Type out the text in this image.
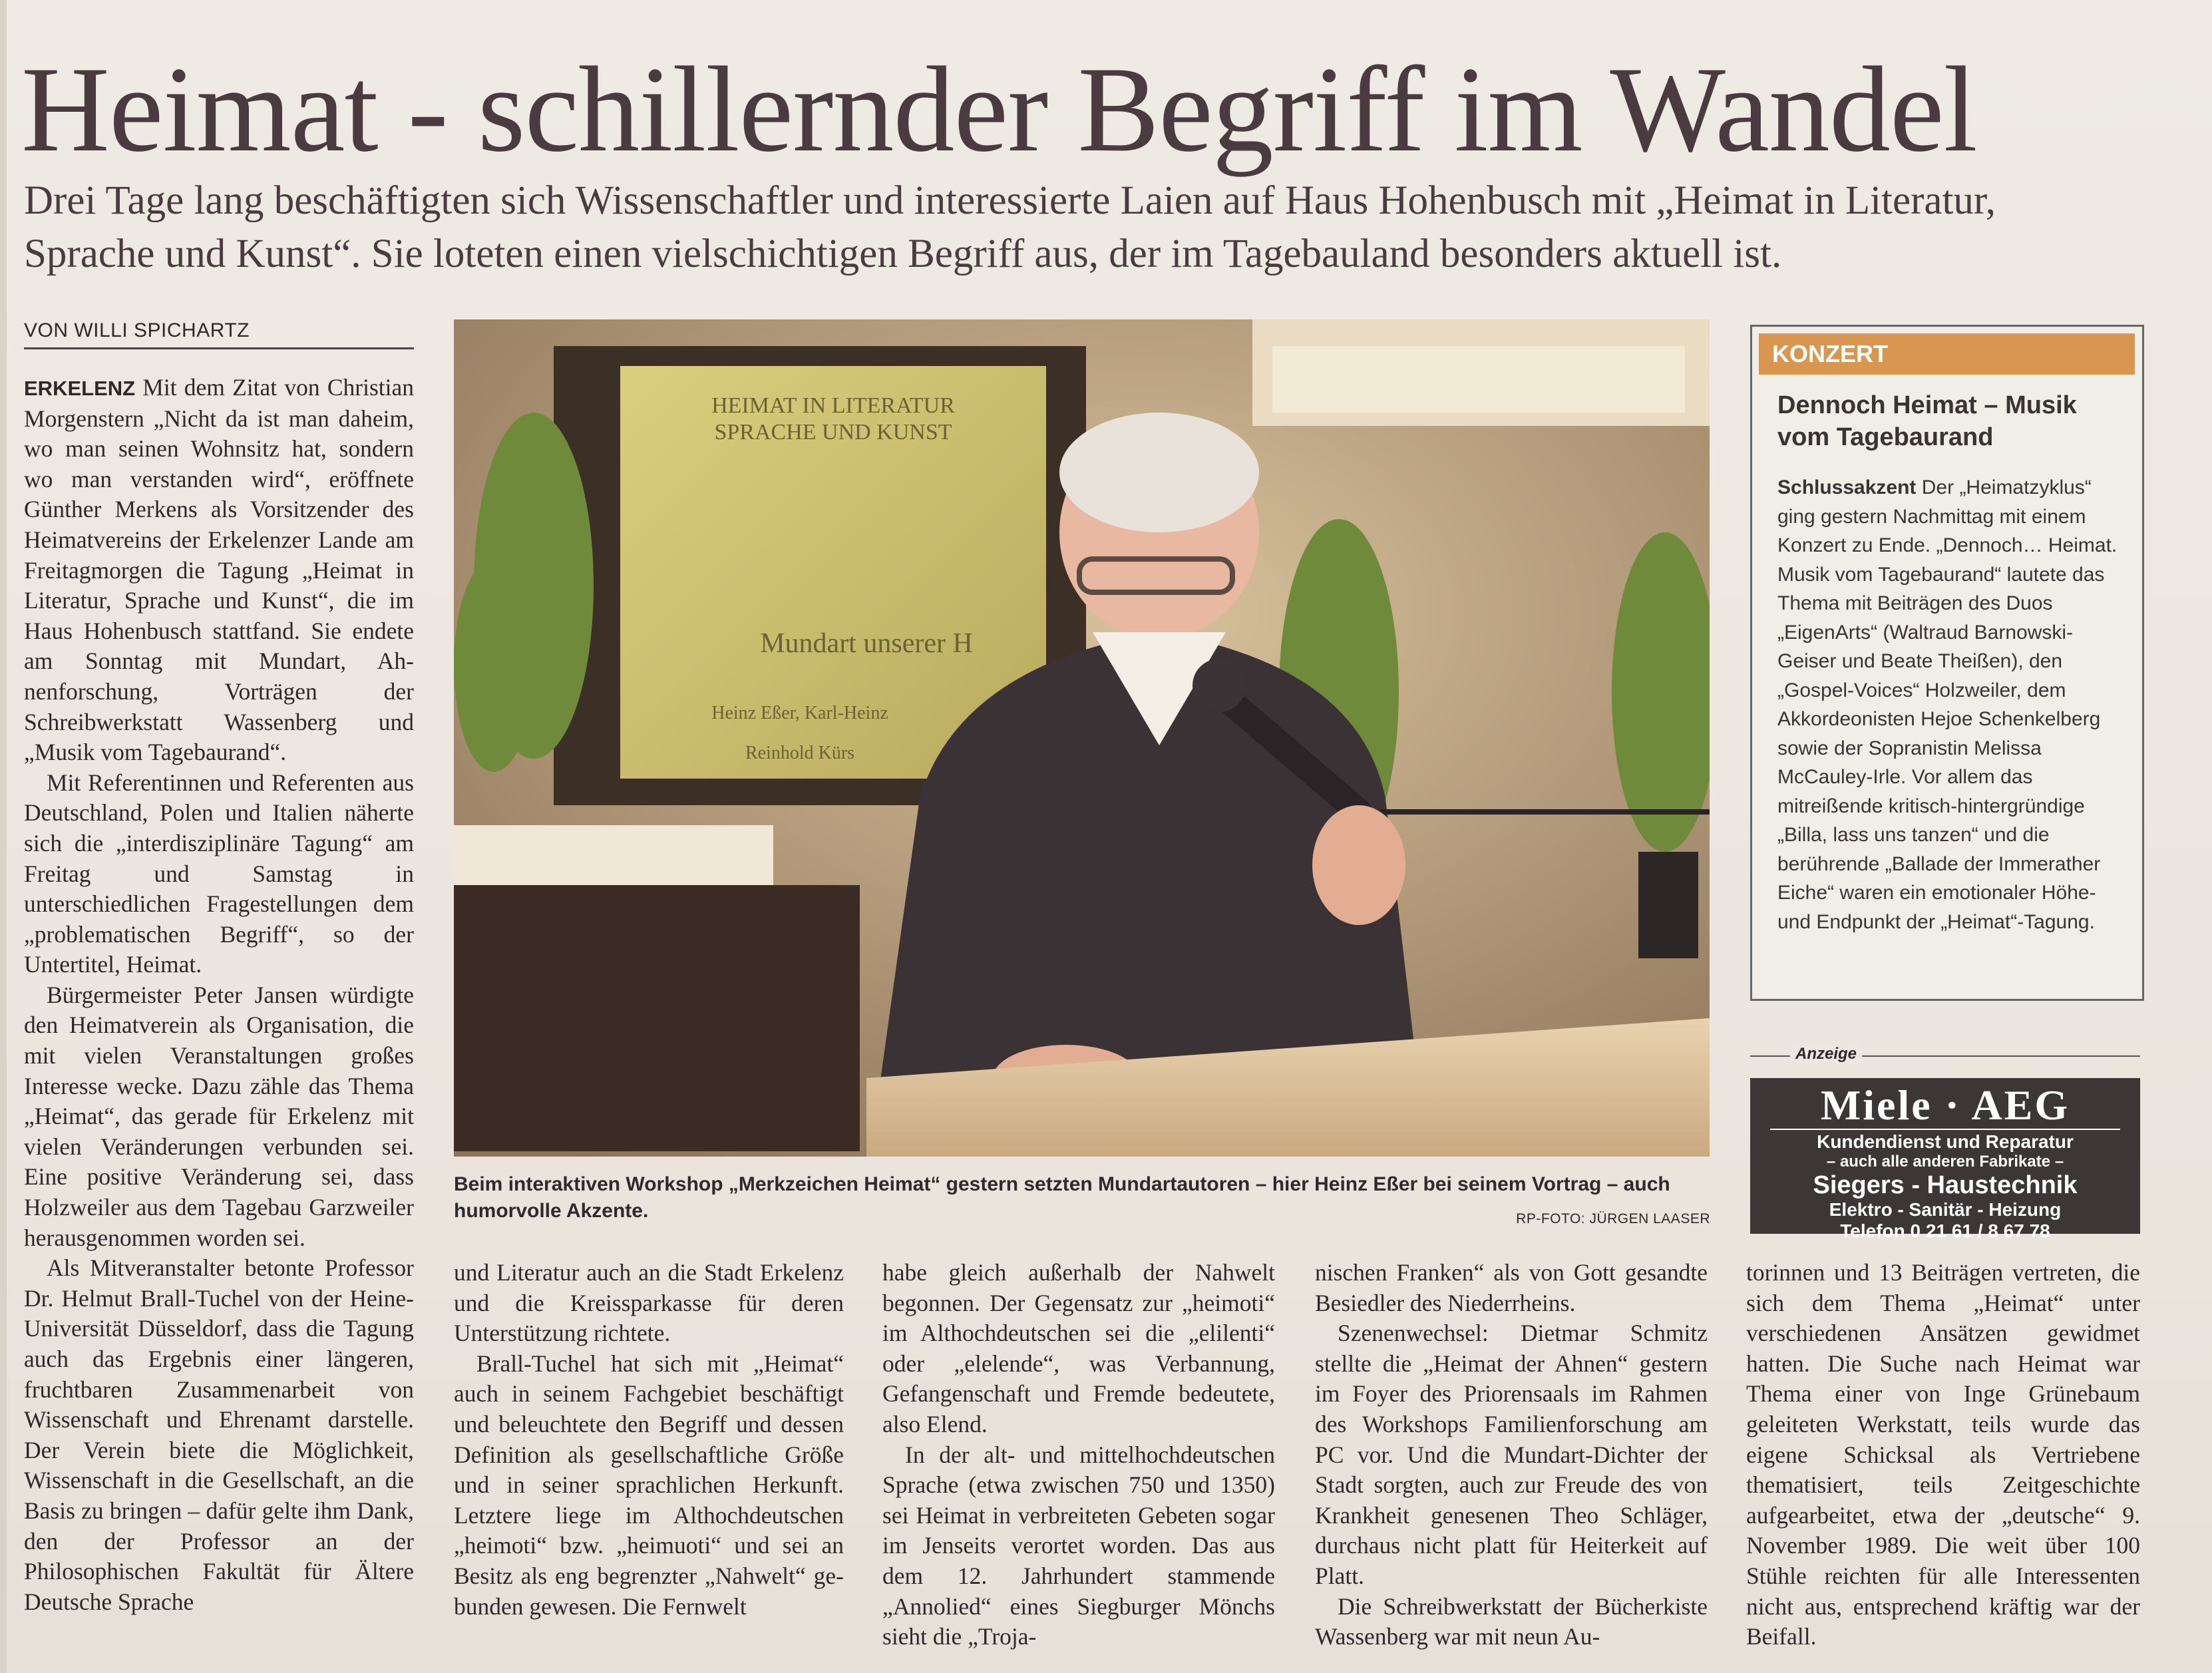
Heimat - schillernder Begriff im Wandel
Drei Tage lang beschäftigten sich Wissenschaftler und interessierte Laien auf Haus Hohenbusch mit „Heimat in Literatur,
Sprache und Kunst“. Sie loteten einen vielschichtigen Begriff aus, der im Tagebauland besonders aktuell ist.
VON WILLI SPICHARTZ

ERKELENZ Mit dem Zitat von Christian Morgenstern „Nicht da ist man daheim, wo man seinen Wohnsitz hat, sondern wo man verstanden wird“, eröffnete Günther Merkens als Vorsitzender des Heimatvereins der Erkelenzer Lande am Freitagmorgen die Tagung „Heimat in Literatur, Sprache und Kunst“, die im Haus Hohenbusch stattfand. Sie endete am Sonntag mit Mundart, Ahnenforschung, Vorträgen der Schreibwerkstatt Wassenberg und „Musik vom Tagebaurand“.

Mit Referentinnen und Referenten aus Deutschland, Polen und Italien näherte sich die „interdisziplinäre Tagung“ am Freitag und Samstag in unterschiedlichen Fragestellungen dem „problematischen Begriff“, so der Untertitel, Heimat.

Bürgermeister Peter Jansen würdigte den Heimatverein als Organisation, die mit vielen Veranstaltungen großes Interesse wecke. Dazu zähle das Thema „Heimat“, das gerade für Erkelenz mit vielen Veränderungen verbunden sei. Eine positive Veränderung sei, dass Holzweiler aus dem Tagebau Garzweiler herausgenommen worden sei.

Als Mitveranstalter betonte Professor Dr. Helmut Brall-Tuchel von der Heine-Universität Düsseldorf, dass die Tagung auch das Ergebnis einer längeren, fruchtbaren Zusammenarbeit von Wissenschaft und Ehrenamt darstelle. Der Verein biete die Möglichkeit, Wissenschaft in die Gesellschaft, an die Basis zu bringen – dafür gelte ihm Dank, den der Professor an der Philosophischen Fakultät für Ältere Deutsche Sprache

HEIMAT IN LITERATUR
SPRACHE UND KUNST
Mundart unserer H
Heinz Eßer, Karl-Heinz
Reinhold Kürs
Beim interaktiven Workshop „Merkzeichen Heimat“ gestern setzten Mundartautoren – hier Heinz Eßer bei seinem Vortrag – auch humorvolle Akzente.	RP-FOTO: JÜRGEN LAASER

und Literatur auch an die Stadt Erkelenz und die Kreissparkasse für deren Unterstützung richtete.

Brall-Tuchel hat sich mit „Heimat“ auch in seinem Fachgebiet beschäftigt und beleuchtete den Begriff und dessen Definition als gesellschaftliche Größe und in seiner sprachlichen Herkunft. Letztere liege im Althochdeutschen „heimoti“ bzw. „heimuoti“ und sei an Besitz als eng begrenzter „Nahwelt“ gebunden gewesen. Die Fernwelt

habe gleich außerhalb der Nahwelt begonnen. Der Gegensatz zur „heimoti“ im Althochdeutschen sei die „elilenti“ oder „elelende“, was Verbannung, Gefangenschaft und Fremde bedeutete, also Elend.

In der alt- und mittelhochdeutschen Sprache (etwa zwischen 750 und 1350) sei Heimat in verbreiteten Gebeten sogar im Jenseits verortet worden. Das aus dem 12. Jahrhundert stammende „Annolied“ eines Siegburger Mönchs sieht die „Troja-

nischen Franken“ als von Gott gesandte Besiedler des Niederrheins.

Szenenwechsel: Dietmar Schmitz stellte die „Heimat der Ahnen“ gestern im Foyer des Priorensaals im Rahmen des Workshops Familienforschung am PC vor. Und die Mundart-Dichter der Stadt sorgten, auch zur Freude des von Krankheit genesenen Theo Schläger, durchaus nicht platt für Heiterkeit auf Platt.

Die Schreibwerkstatt der Bücherkiste Wassenberg war mit neun Au-

torinnen und 13 Beiträgen vertreten, die sich dem Thema „Heimat“ unter verschiedenen Ansätzen gewidmet hatten. Die Suche nach Heimat war Thema einer von Inge Grünebaum geleiteten Werkstatt, teils wurde das eigene Schicksal als Vertriebene thematisiert, teils Zeitgeschichte aufgearbeitet, etwa der „deutsche“ 9. November 1989. Die weit über 100 Stühle reichten für alle Interessenten nicht aus, entsprechend kräftig war der Beifall.

KONZERT
Dennoch Heimat – Musik vom Tagebaurand
Schlussakzent Der „Heimatzyklus“ ging gestern Nachmittag mit einem Konzert zu Ende. „Dennoch… Heimat. Musik vom Tagebaurand“ lautete das Thema mit Beiträgen des Duos „EigenArts“ (Waltraud Barnowski-Geiser und Beate Theißen), den „Gospel-Voices“ Holzweiler, dem Akkordeonisten Hejoe Schenkelberg sowie der Sopranistin Melissa McCauley-Irle. Vor allem das mitreißende kritisch-hintergründige „Billa, lass uns tanzen“ und die berührende „Ballade der Immerather Eiche“ waren ein emotionaler Höhe- und Endpunkt der „Heimat“-Tagung.
Anzeige
Miele · AEG
Kundendienst und Reparatur
– auch alle anderen Fabrikate –
Siegers - Haustechnik
Elektro - Sanitär - Heizung
Telefon 0 21 61 / 8 67 78
